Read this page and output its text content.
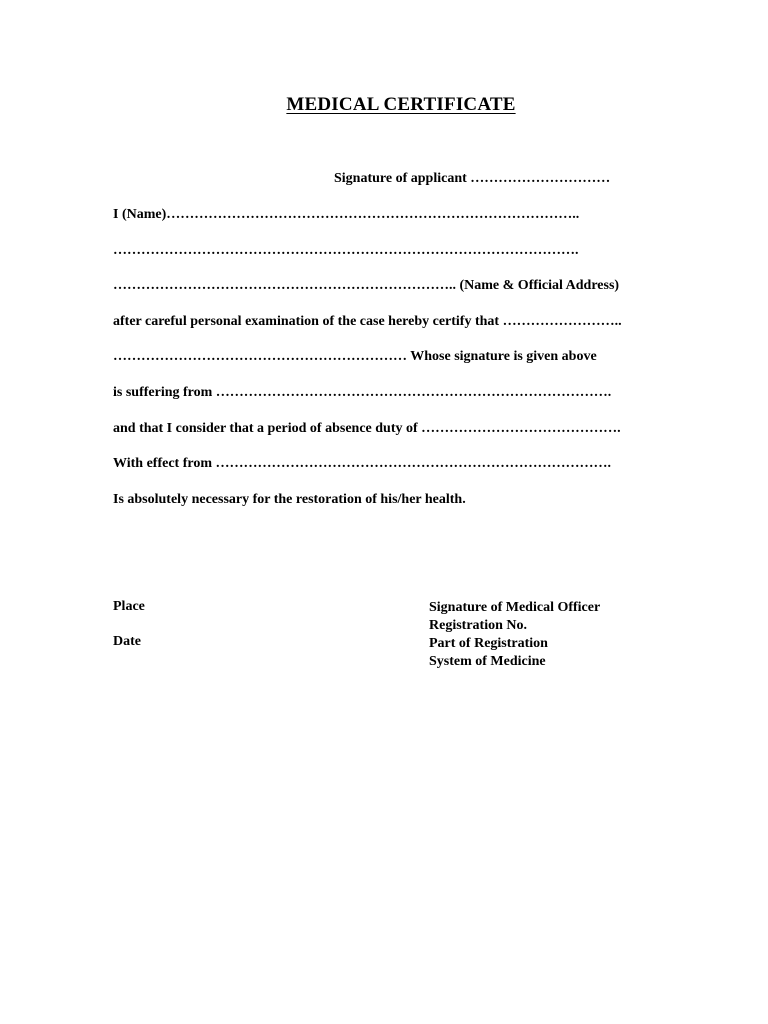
MEDICAL CERTIFICATE
Signature of applicant …………………………
I (Name)……………………………………………………………………………..
……………………………………………………………………………………….
……………………………………………………………….. (Name & Official Address)
after careful personal examination of the case hereby certify that ……………………..
……………………………………………………… Whose signature is given above
is suffering from ………………………………………………………………………….
and that I consider that a period of absence duty of …………………………………….
With effect from ………………………………………………………………………….
Is absolutely necessary for the restoration of his/her health.
Place
Date
Signature of Medical Officer
Registration No.
Part of Registration
System of Medicine
